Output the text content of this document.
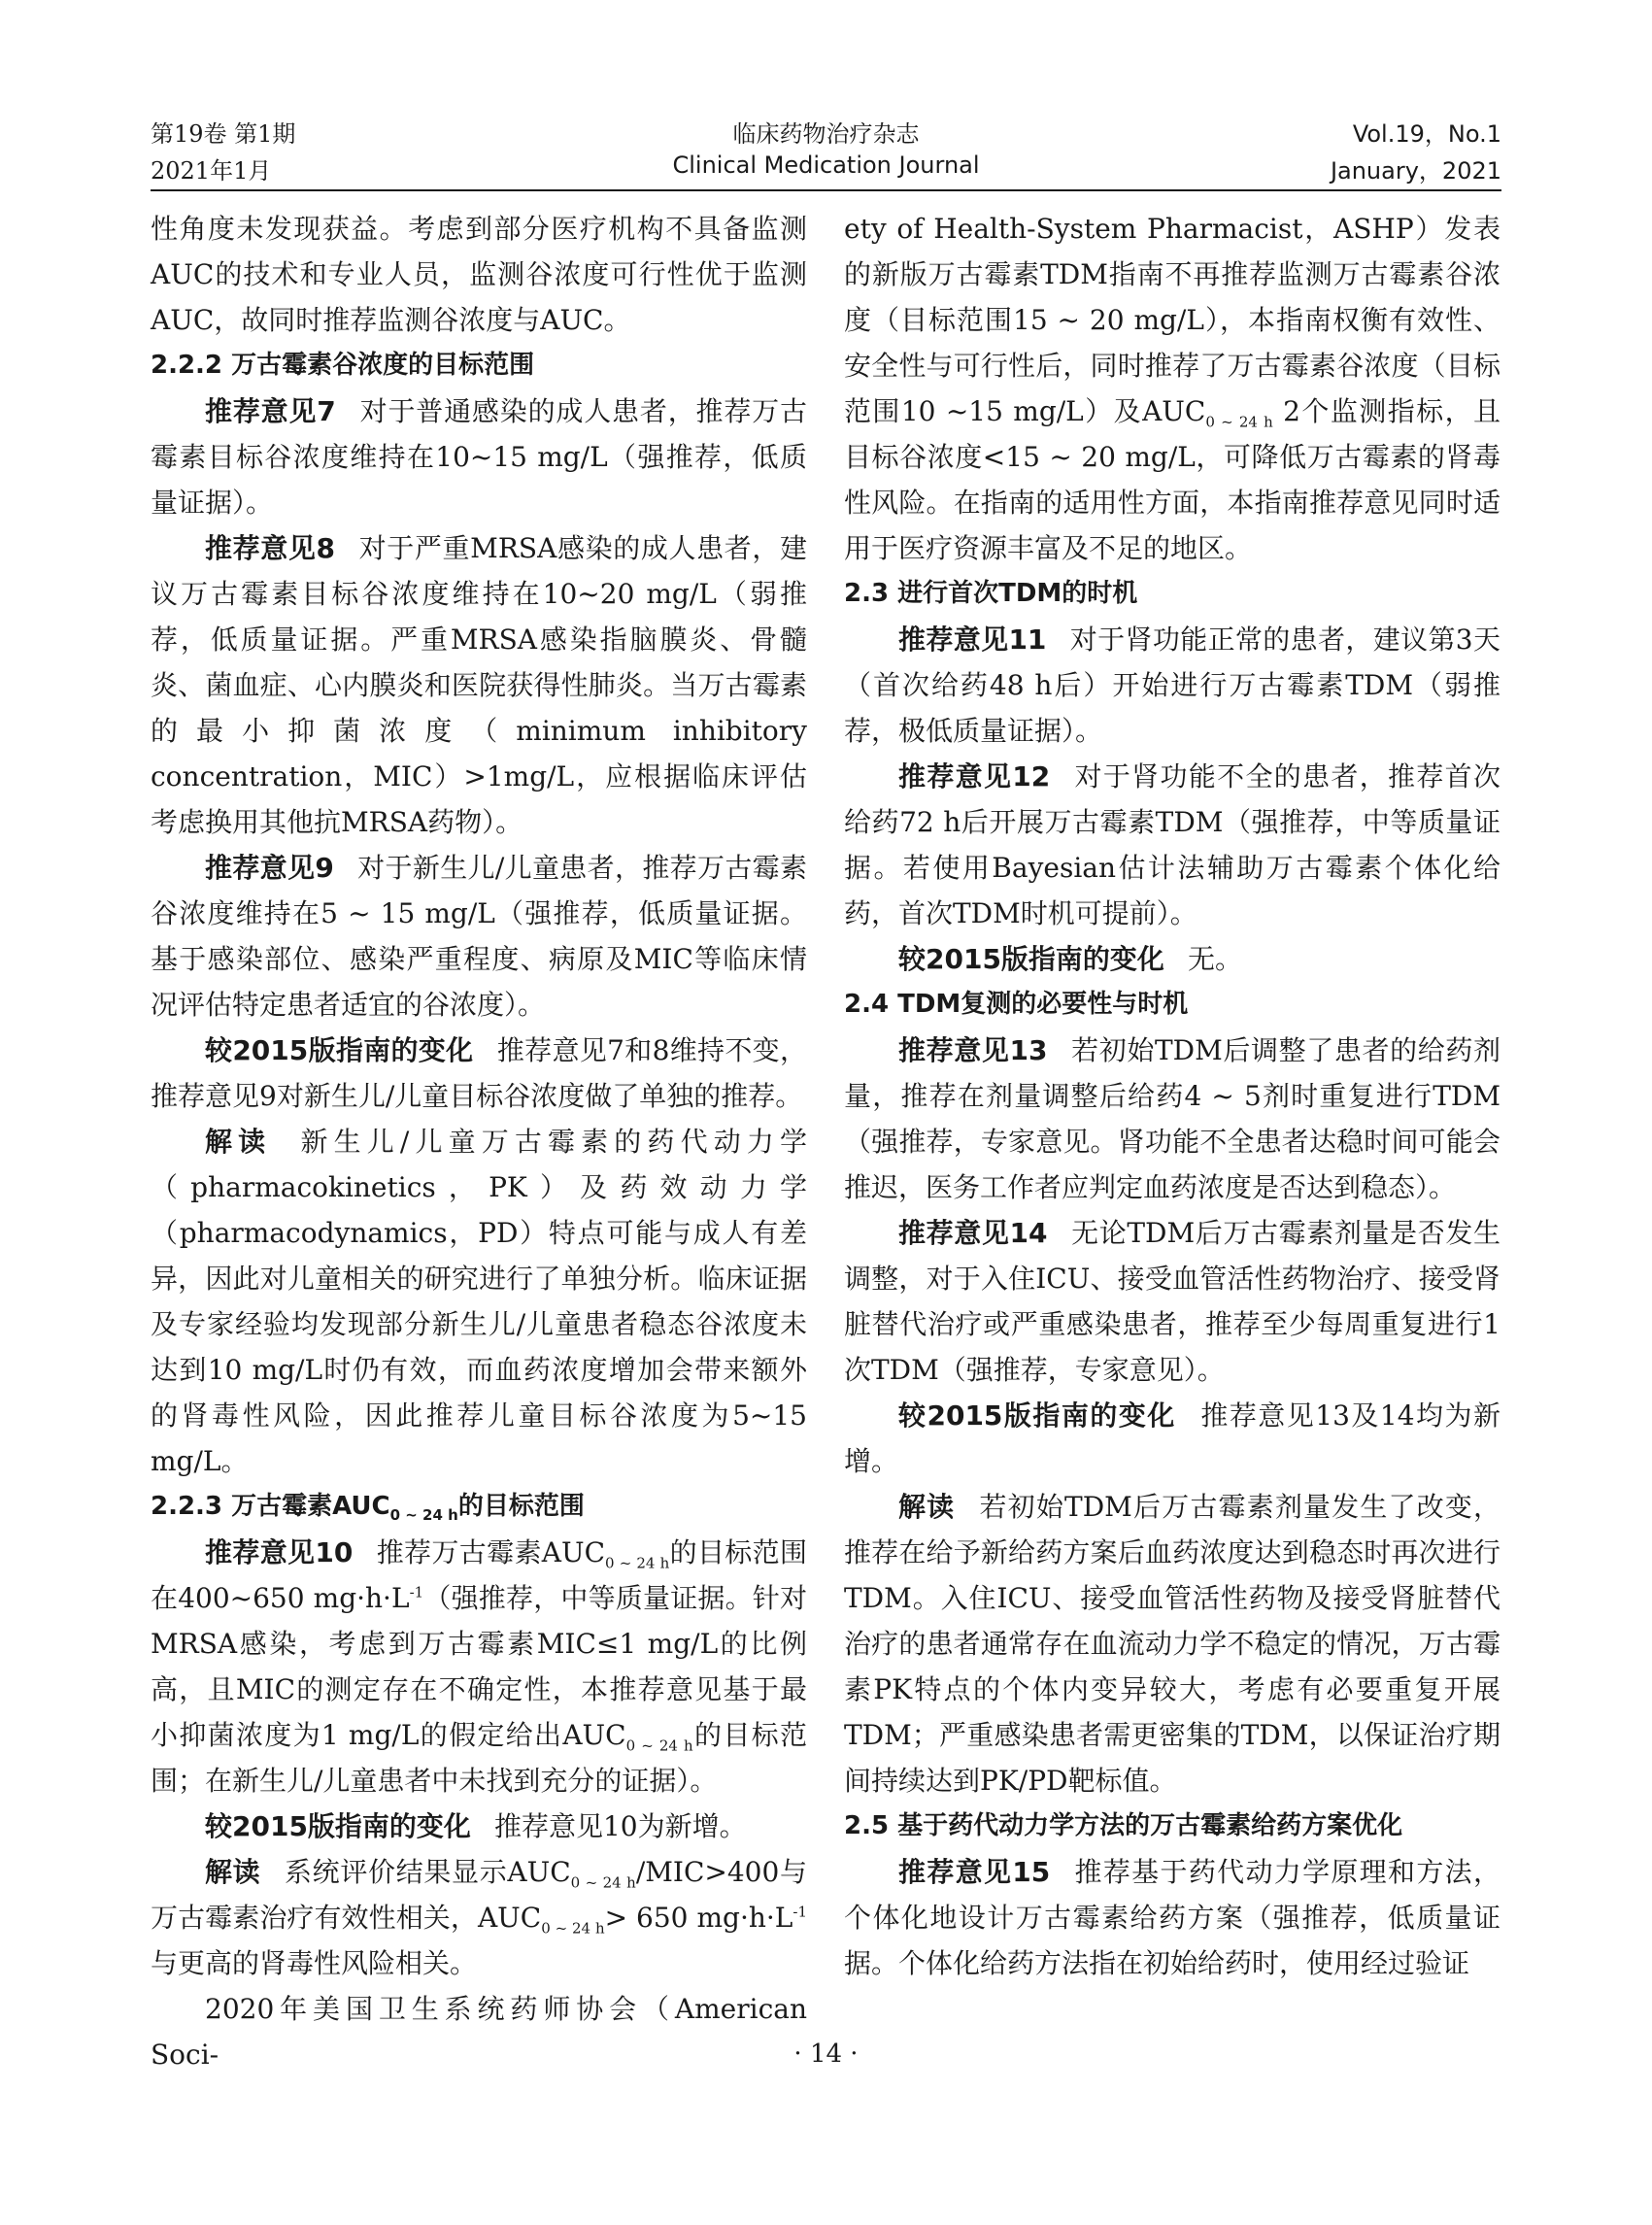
第19卷 第1期	临床药物治疗杂志	Vol.19，No.1
2021年1月	Clinical Medication Journal	January，2021

性角度未发现获益。考虑到部分医疗机构不具备监测AUC的技术和专业人员，监测谷浓度可行性优于监测AUC，故同时推荐监测谷浓度与AUC。

2.2.2 万古霉素谷浓度的目标范围

推荐意见7 对于普通感染的成人患者，推荐万古霉素目标谷浓度维持在10~15 mg/L（强推荐，低质量证据）。

推荐意见8 对于严重MRSA感染的成人患者，建议万古霉素目标谷浓度维持在10~20 mg/L（弱推荐，低质量证据。严重MRSA感染指脑膜炎、骨髓炎、菌血症、心内膜炎和医院获得性肺炎。当万古霉素的最小抑菌浓度（minimum inhibitory concentration，MIC）>1mg/L，应根据临床评估考虑换用其他抗MRSA药物）。

推荐意见9 对于新生儿/儿童患者，推荐万古霉素谷浓度维持在5 ~ 15 mg/L（强推荐，低质量证据。基于感染部位、感染严重程度、病原及MIC等临床情况评估特定患者适宜的谷浓度）。

较2015版指南的变化 推荐意见7和8维持不变，推荐意见9对新生儿/儿童目标谷浓度做了单独的推荐。

解读 新生儿/儿童万古霉素的药代动力学（pharmacokinetics，PK）及药效动力学（pharmacodynamics，PD）特点可能与成人有差异，因此对儿童相关的研究进行了单独分析。临床证据及专家经验均发现部分新生儿/儿童患者稳态谷浓度未达到10 mg/L时仍有效，而血药浓度增加会带来额外的肾毒性风险，因此推荐儿童目标谷浓度为5~15 mg/L。

2.2.3 万古霉素$AUC_{0 \sim 24 h}$的目标范围

推荐意见10 推荐万古霉素$AUC_{0 \sim 24 h}$的目标范围在400~650 $mg\cdot h\cdot L^{-1}$（强推荐，中等质量证据。针对MRSA感染，考虑到万古霉素MIC≤1 mg/L的比例高，且MIC的测定存在不确定性，本推荐意见基于最小抑菌浓度为1 mg/L的假定给出$AUC_{0 \sim 24 h}$的目标范围；在新生儿/儿童患者中未找到充分的证据）。

较2015版指南的变化 推荐意见10为新增。

解读 系统评价结果显示$AUC_{0 \sim 24 h}/MIC>400$与万古霉素治疗有效性相关，$AUC_{0 \sim 24 h}> 650$ $mg\cdot h\cdot L^{-1}$与更高的肾毒性风险相关。

2020年美国卫生系统药师协会（American Soci-

ety of Health-System Pharmacist，ASHP）发表的新版万古霉素TDM指南不再推荐监测万古霉素谷浓度（目标范围15 ~ 20 mg/L），本指南权衡有效性、安全性与可行性后，同时推荐了万古霉素谷浓度（目标范围10 ~15 mg/L）及$AUC_{0 \sim 24 h}$ 2个监测指标，且目标谷浓度<15 ~ 20 mg/L，可降低万古霉素的肾毒性风险。在指南的适用性方面，本指南推荐意见同时适用于医疗资源丰富及不足的地区。

2.3 进行首次TDM的时机

推荐意见11 对于肾功能正常的患者，建议第3天（首次给药48 h后）开始进行万古霉素TDM（弱推荐，极低质量证据）。

推荐意见12 对于肾功能不全的患者，推荐首次给药72 h后开展万古霉素TDM（强推荐，中等质量证据。若使用Bayesian估计法辅助万古霉素个体化给药，首次TDM时机可提前）。

较2015版指南的变化 无。

2.4 TDM复测的必要性与时机

推荐意见13 若初始TDM后调整了患者的给药剂量，推荐在剂量调整后给药4 ~ 5剂时重复进行TDM（强推荐，专家意见。肾功能不全患者达稳时间可能会推迟，医务工作者应判定血药浓度是否达到稳态）。

推荐意见14 无论TDM后万古霉素剂量是否发生调整，对于入住ICU、接受血管活性药物治疗、接受肾脏替代治疗或严重感染患者，推荐至少每周重复进行1次TDM（强推荐，专家意见）。

较2015版指南的变化 推荐意见13及14均为新增。

解读 若初始TDM后万古霉素剂量发生了改变，推荐在给予新给药方案后血药浓度达到稳态时再次进行TDM。入住ICU、接受血管活性药物及接受肾脏替代治疗的患者通常存在血流动力学不稳定的情况，万古霉素PK特点的个体内变异较大，考虑有必要重复开展TDM；严重感染患者需更密集的TDM，以保证治疗期间持续达到PK/PD靶标值。

2.5 基于药代动力学方法的万古霉素给药方案优化

推荐意见15 推荐基于药代动力学原理和方法，个体化地设计万古霉素给药方案（强推荐，低质量证据。个体化给药方法指在初始给药时，使用经过验证

· 14 ·
